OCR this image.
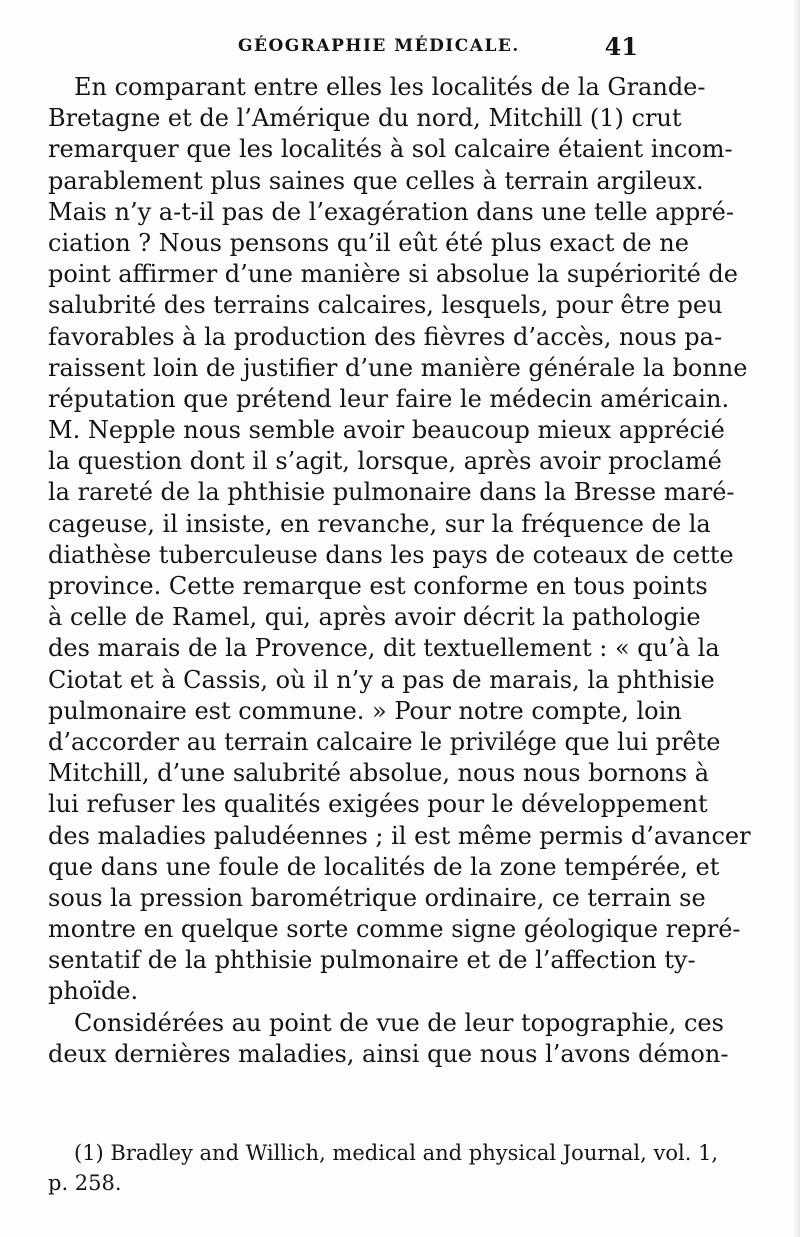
GÉOGRAPHIE MÉDICALE.	41
En comparant entre elles les localités de la Grande-
Bretagne et de l’Amérique du nord, Mitchill (1) crut
remarquer que les localités à sol calcaire étaient incom-
parablement plus saines que celles à terrain argileux.
Mais n’y a-t-il pas de l’exagération dans une telle appré-
ciation ? Nous pensons qu’il eût été plus exact de ne
point affirmer d’une manière si absolue la supériorité de
salubrité des terrains calcaires, lesquels, pour être peu
favorables à la production des fièvres d’accès, nous pa-
raissent loin de justifier d’une manière générale la bonne
réputation que prétend leur faire le médecin américain.
M. Nepple nous semble avoir beaucoup mieux apprécié
la question dont il s’agit, lorsque, après avoir proclamé
la rareté de la phthisie pulmonaire dans la Bresse maré-
cageuse, il insiste, en revanche, sur la fréquence de la
diathèse tuberculeuse dans les pays de coteaux de cette
province. Cette remarque est conforme en tous points
à celle de Ramel, qui, après avoir décrit la pathologie
des marais de la Provence, dit textuellement : « qu’à la
Ciotat et à Cassis, où il n’y a pas de marais, la phthisie
pulmonaire est commune. » Pour notre compte, loin
d’accorder au terrain calcaire le privilége que lui prête
Mitchill, d’une salubrité absolue, nous nous bornons à
lui refuser les qualités exigées pour le développement
des maladies paludéennes ; il est même permis d’avancer
que dans une foule de localités de la zone tempérée, et
sous la pression barométrique ordinaire, ce terrain se
montre en quelque sorte comme signe géologique repré-
sentatif de la phthisie pulmonaire et de l’affection ty-
phoïde.
Considérées au point de vue de leur topographie, ces
deux dernières maladies, ainsi que nous l’avons démon-
(1) Bradley and Willich, medical and physical Journal, vol. 1,
p. 258.
